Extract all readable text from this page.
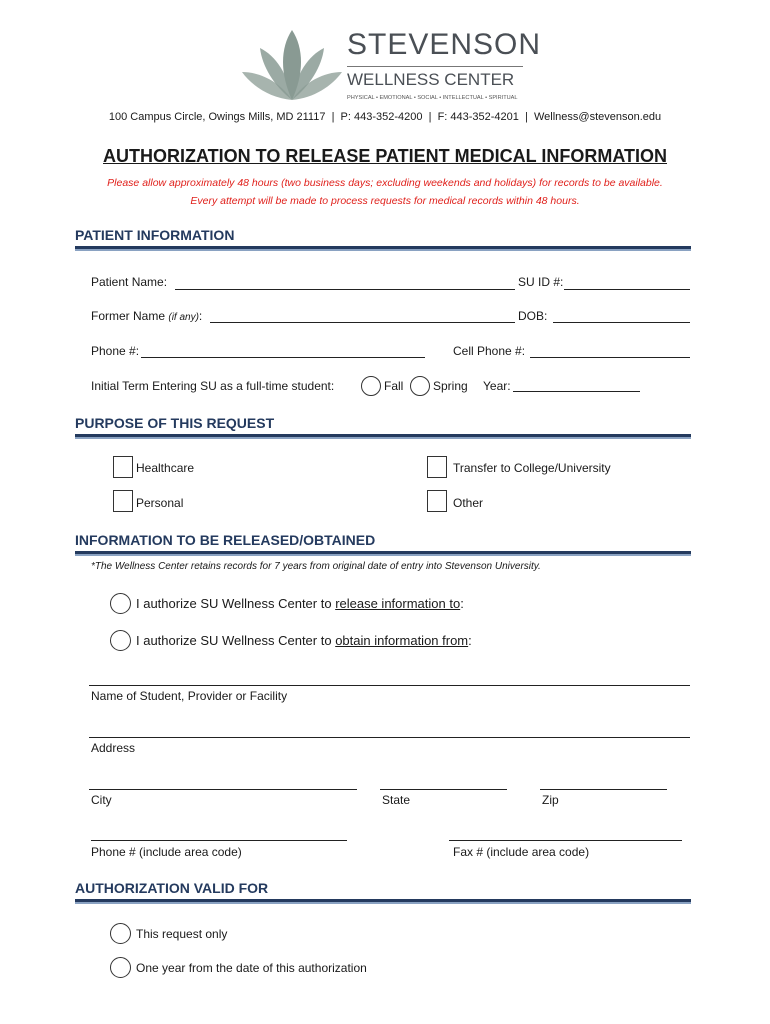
STEVENSON
WELLNESS CENTER
PHYSICAL • EMOTIONAL • SOCIAL • INTELLECTUAL • SPIRITUAL
100 Campus Circle, Owings Mills, MD 21117  |  P: 443-352-4200  |  F: 443-352-4201  |  Wellness@stevenson.edu
AUTHORIZATION TO RELEASE PATIENT MEDICAL INFORMATION
Please allow approximately 48 hours (two business days; excluding weekends and holidays) for records to be available.
Every attempt will be made to process requests for medical records within 48 hours.
PATIENT INFORMATION
Patient Name:	SU ID #:
Former Name (if any):	DOB:
Phone #:	Cell Phone #:
Initial Term Entering SU as a full-time student:	Fall Spring Year:
PURPOSE OF THIS REQUEST
Healthcare	Transfer to College/University
Personal	Other
INFORMATION TO BE RELEASED/OBTAINED
*The Wellness Center retains records for 7 years from original date of entry into Stevenson University.
I authorize SU Wellness Center to release information to:
I authorize SU Wellness Center to obtain information from:
Name of Student, Provider or Facility
Address
City	State	Zip
Phone # (include area code)	Fax # (include area code)
AUTHORIZATION VALID FOR
This request only
One year from the date of this authorization
